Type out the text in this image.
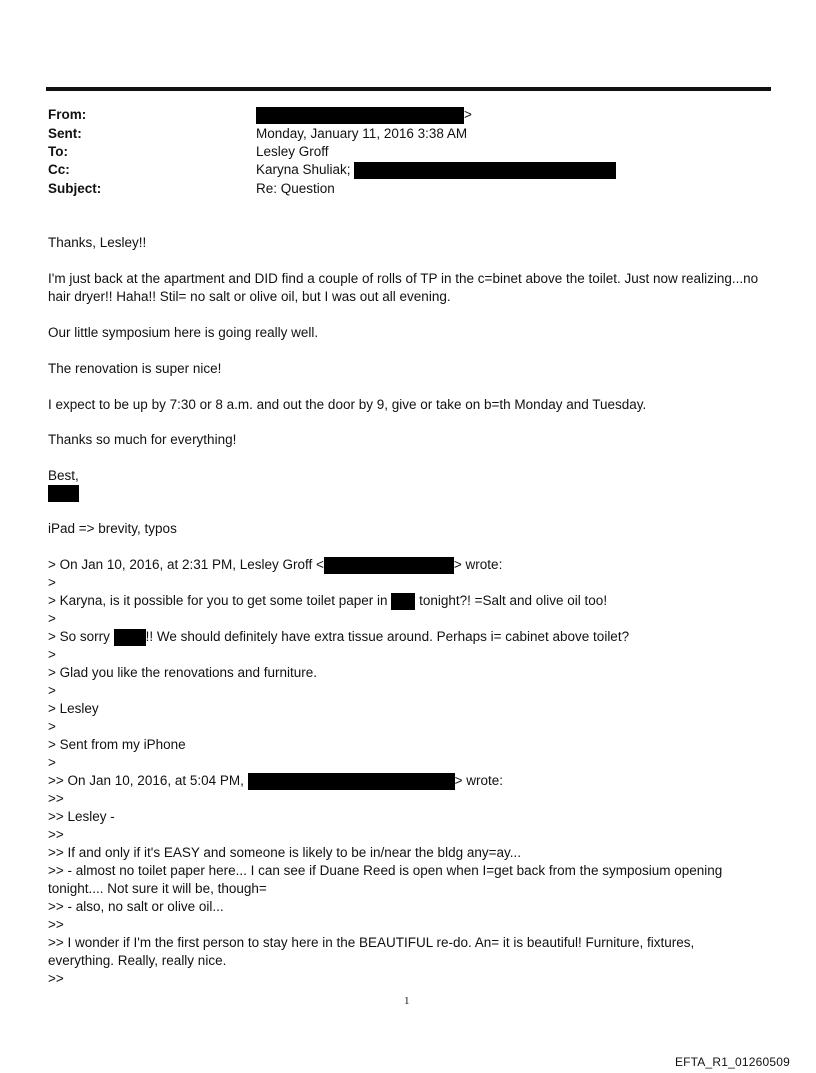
From:	>
Sent:	Monday, January 11, 2016 3:38 AM
To:	Lesley Groff
Cc:	Karyna Shuliak;
Subject:	Re: Question
Thanks, Lesley!!

I'm just back at the apartment and DID find a couple of rolls of TP in the c=binet above the toilet. Just now realizing...no hair dryer!! Haha!! Stil= no salt or olive oil, but I was out all evening.

Our little symposium here is going really well.
The renovation is super nice!
I expect to be up by 7:30 or 8 a.m. and out the door by 9, give or take on b=th Monday and Tuesday.
Thanks so much for everything!
Best,
iPad => brevity, typos
> On Jan 10, 2016, at 2:31 PM, Lesley Groff <	> wrote:
>
> Karyna, is it possible for you to get some toilet paper in  tonight?! =Salt and olive oil too!
>
> So sorry !! We should definitely have extra tissue around. Perhaps i= cabinet above toilet?
>
> Glad you like the renovations and furniture.
>
> Lesley
>
> Sent from my iPhone
>
>> On Jan 10, 2016, at 5:04 PM,	> wrote:
>>
>> Lesley -
>>
>> If and only if it's EASY and someone is likely to be in/near the bldg any=ay...
>> - almost no toilet paper here... I can see if Duane Reed is open when I=get back from the symposium opening
tonight.... Not sure it will be, though=
>> - also, no salt or olive oil...
>>
>> I wonder if I'm the first person to stay here in the BEAUTIFUL re-do. An= it is beautiful! Furniture, fixtures,
everything. Really, really nice.
>>
1
EFTA_R1_01260509
